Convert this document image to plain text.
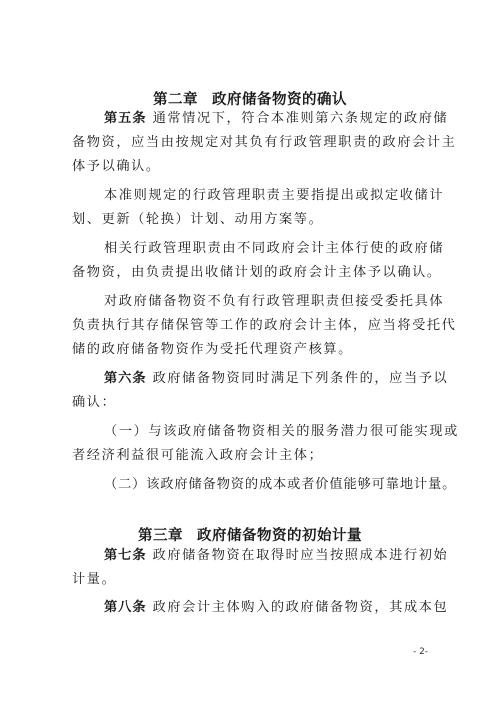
第二章 政府储备物资的确认
第五条 通常情况下，符合本准则第六条规定的政府储
备物资，应当由按规定对其负有行政管理职责的政府会计主
体予以确认。
本准则规定的行政管理职责主要指提出或拟定收储计
划、更新（轮换）计划、动用方案等。
相关行政管理职责由不同政府会计主体行使的政府储
备物资，由负责提出收储计划的政府会计主体予以确认。
对政府储备物资不负有行政管理职责但接受委托具体
负责执行其存储保管等工作的政府会计主体，应当将受托代
储的政府储备物资作为受托代理资产核算。
第六条 政府储备物资同时满足下列条件的，应当予以
确认：
（一）与该政府储备物资相关的服务潜力很可能实现或
者经济利益很可能流入政府会计主体；
（二）该政府储备物资的成本或者价值能够可靠地计量。
第三章 政府储备物资的初始计量
第七条 政府储备物资在取得时应当按照成本进行初始
计量。
第八条 政府会计主体购入的政府储备物资，其成本包
- 2-
